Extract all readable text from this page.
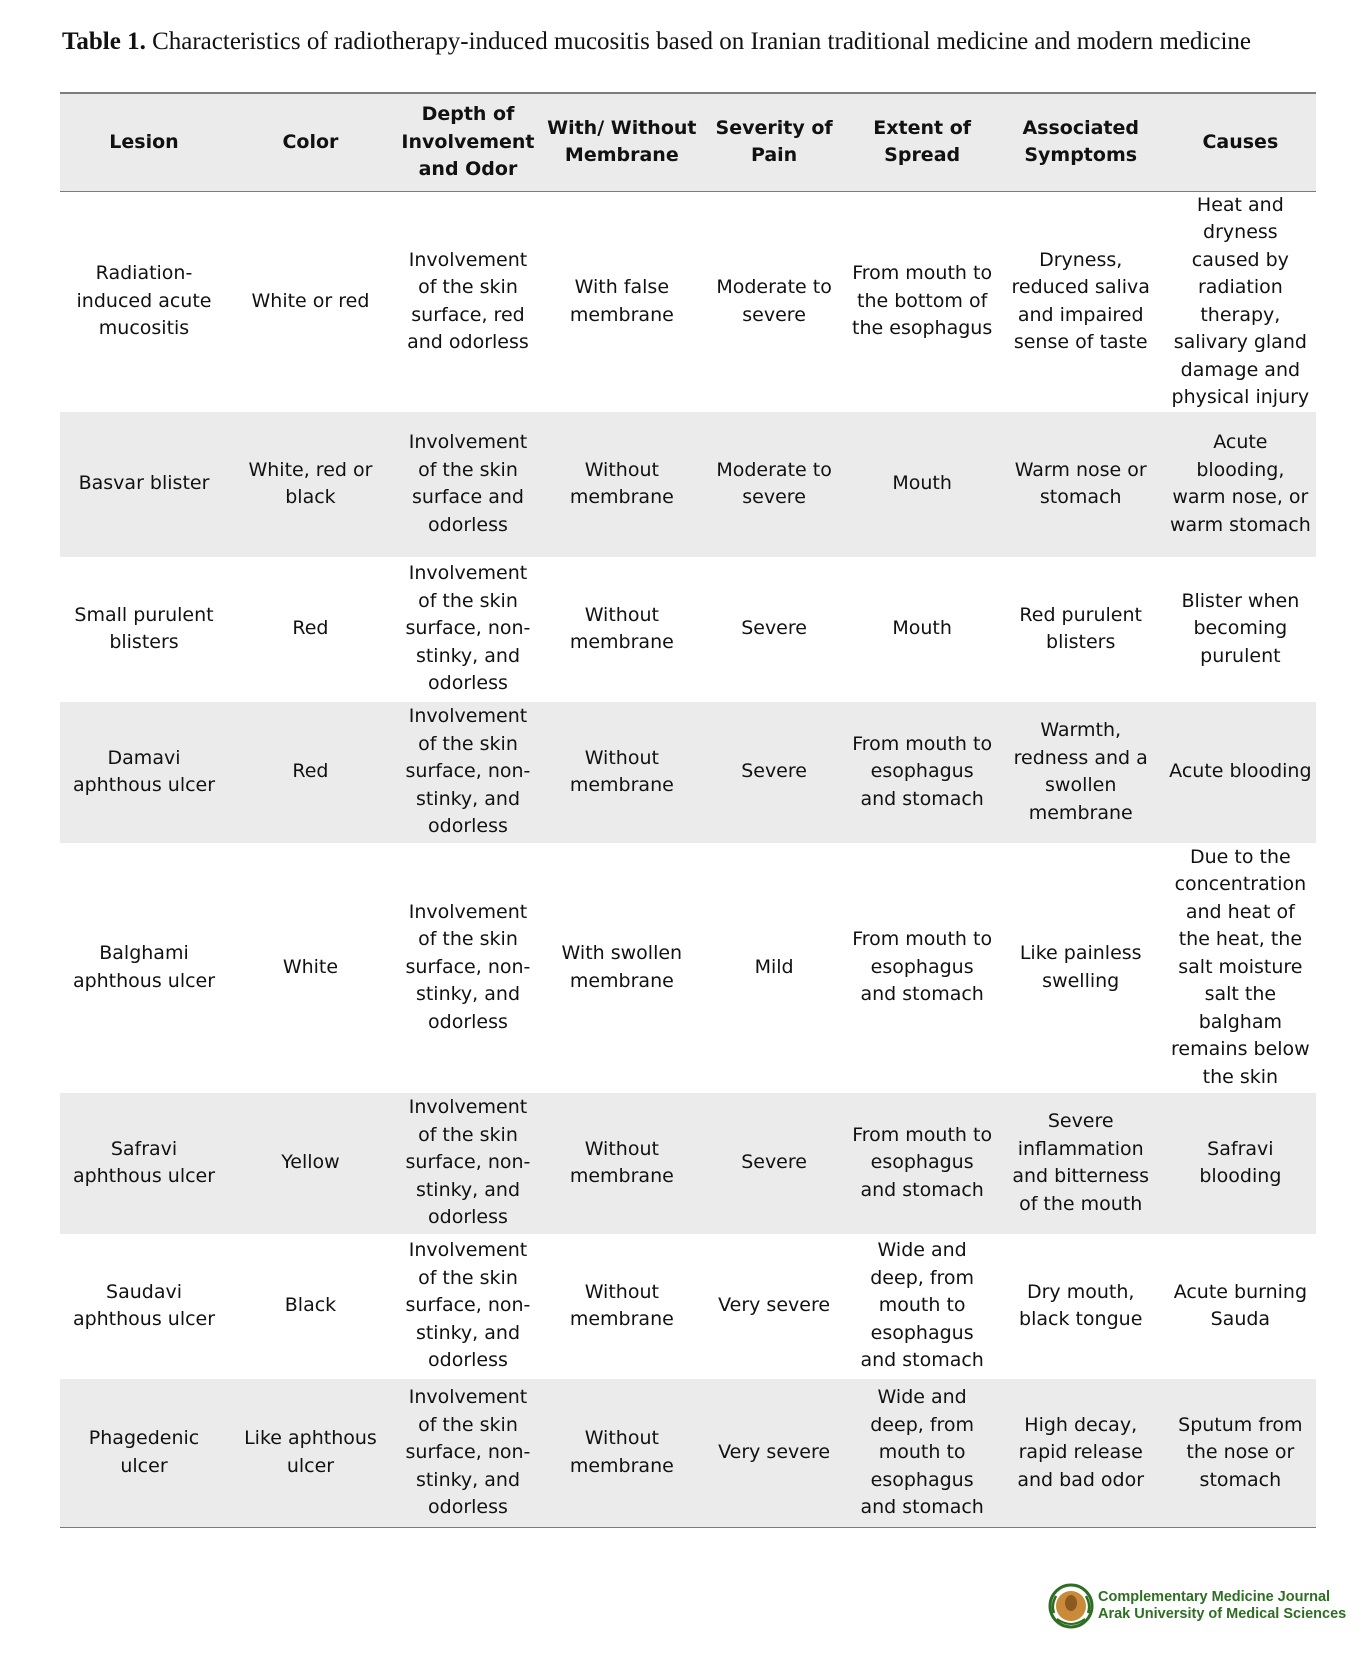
Table 1. Characteristics of radiotherapy-induced mucositis based on Iranian traditional medicine and modern medicine
Lesion	Color	Depth of Involvement and Odor	With/ Without Membrane	Severity of Pain	Extent of Spread	Associated Symptoms	Causes
Radiation-induced acute mucositis	White or red	Involvement of the skin surface, red and odorless	With false membrane	Moderate to severe	From mouth to the bottom of the esophagus	Dryness, reduced saliva and impaired sense of taste	Heat and dryness caused by radiation therapy, salivary gland damage and physical injury
Basvar blister	White, red or black	Involvement of the skin surface and odorless	Without membrane	Moderate to severe	Mouth	Warm nose or stomach	Acute blooding, warm nose, or warm stomach
Small purulent blisters	Red	Involvement of the skin surface, non-stinky, and odorless	Without membrane	Severe	Mouth	Red purulent blisters	Blister when becoming purulent
Damavi aphthous ulcer	Red	Involvement of the skin surface, non-stinky, and odorless	Without membrane	Severe	From mouth to esophagus and stomach	Warmth, redness and a swollen membrane	Acute blooding
Balghami aphthous ulcer	White	Involvement of the skin surface, non-stinky, and odorless	With swollen membrane	Mild	From mouth to esophagus and stomach	Like painless swelling	Due to the concentration and heat of the heat, the salt moisture salt the balgham remains below the skin
Safravi aphthous ulcer	Yellow	Involvement of the skin surface, non-stinky, and odorless	Without membrane	Severe	From mouth to esophagus and stomach	Severe inflammation and bitterness of the mouth	Safravi blooding
Saudavi aphthous ulcer	Black	Involvement of the skin surface, non-stinky, and odorless	Without membrane	Very severe	Wide and deep, from mouth to esophagus and stomach	Dry mouth, black tongue	Acute burning Sauda
Phagedenic ulcer	Like aphthous ulcer	Involvement of the skin surface, non-stinky, and odorless	Without membrane	Very severe	Wide and deep, from mouth to esophagus and stomach	High decay, rapid release and bad odor	Sputum from the nose or stomach
Complementary Medicine Journal
Arak University of Medical Sciences
